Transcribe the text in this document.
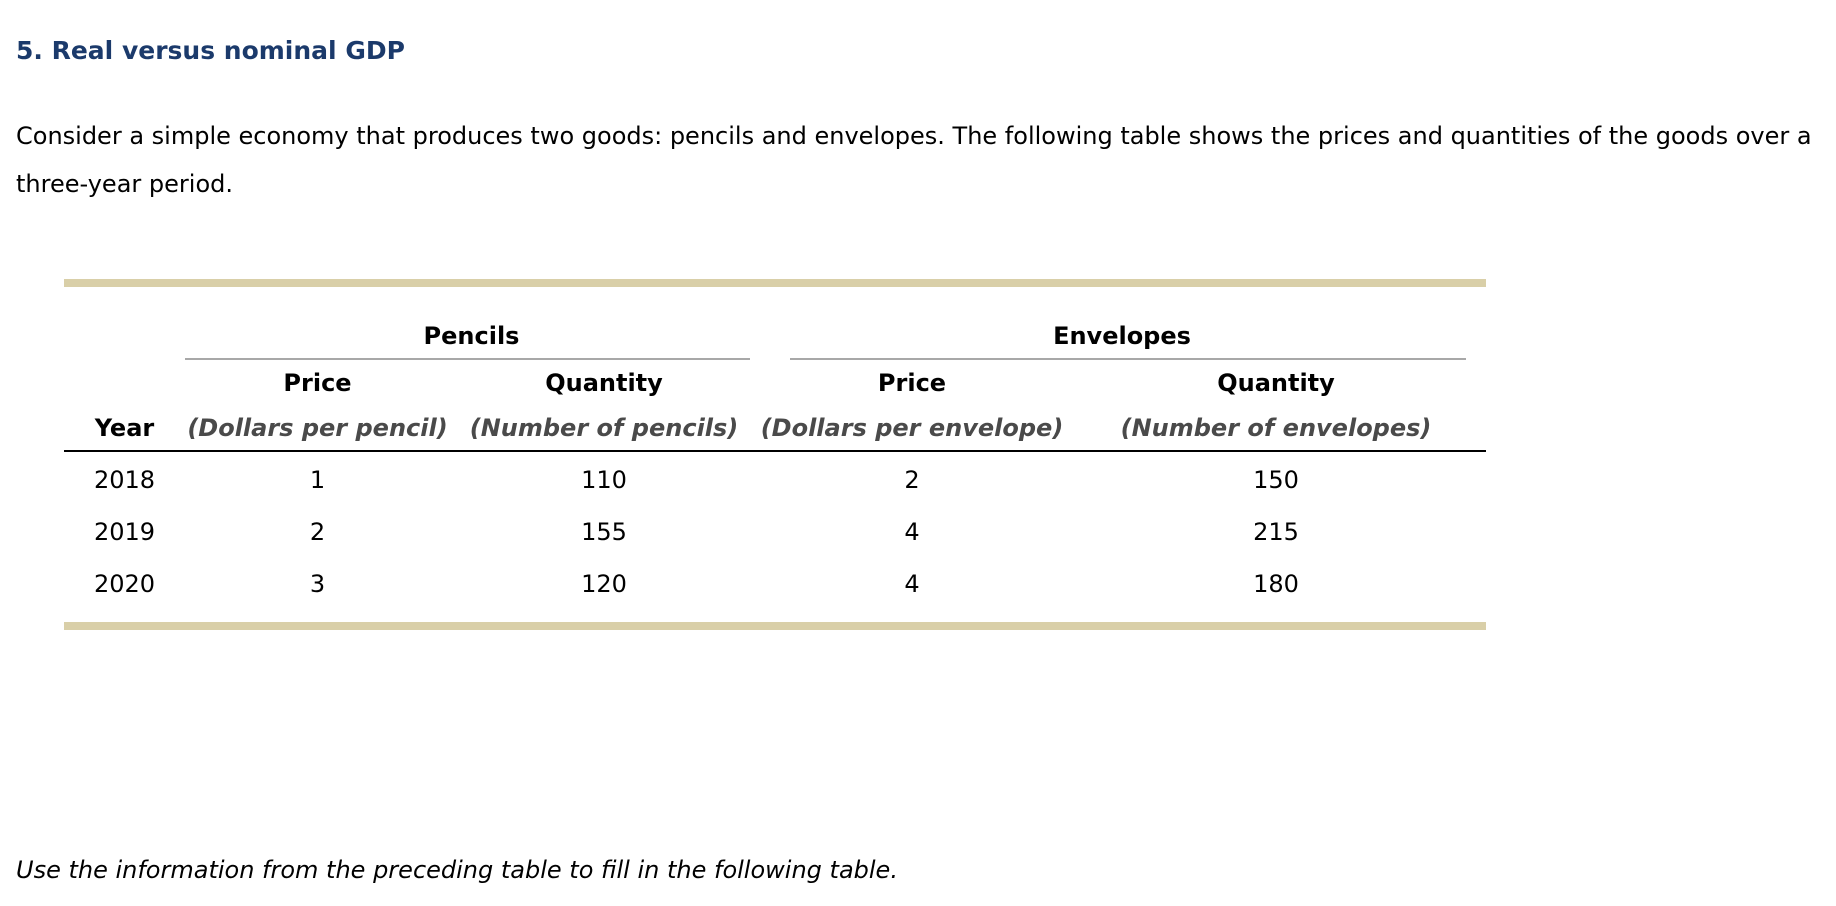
5. Real versus nominal GDP

Consider a simple economy that produces two goods: pencils and envelopes. The following table shows the prices and quantities of the goods over a three-year period.

	Pencils		Envelopes	

	Price	Quantity	Price	Quantity
Year	(Dollars per pencil)	(Number of pencils)	(Dollars per envelope)	(Number of envelopes)
2018	1	110	2	150
2019	2	155	4	215
2020	3	120	4	180

Use the information from the preceding table to fill in the following table.
